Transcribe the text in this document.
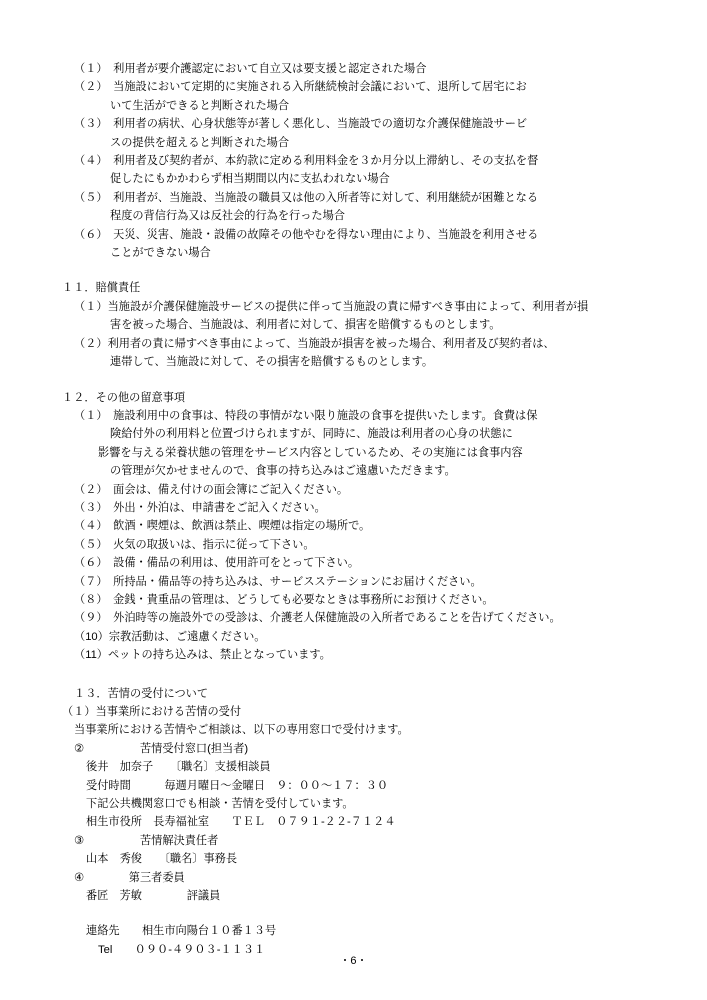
（１）　利用者が要介護認定において自立又は要支援と認定された場合
（２）　当施設において定期的に実施される入所継続検討会議において、退所して居宅にお
いて生活ができると判断された場合
（３）　利用者の病状、心身状態等が著しく悪化し、当施設での適切な介護保健施設サービ
スの提供を超えると判断された場合
（４）　利用者及び契約者が、本約款に定める利用料金を３か月分以上滞納し、その支払を督
促したにもかかわらず相当期間以内に支払われない場合
（５）　利用者が、当施設、当施設の職員又は他の入所者等に対して、利用継続が困難となる
程度の背信行為又は反社会的行為を行った場合
（６）　天災、災害、施設・設備の故障その他やむを得ない理由により、当施設を利用させる
ことができない場合
１１．賠償責任
（１）当施設が介護保健施設サービスの提供に伴って当施設の責に帰すべき事由によって、利用者が損
害を被った場合、当施設は、利用者に対して、損害を賠償するものとします。
（２）利用者の責に帰すべき事由によって、当施設が損害を被った場合、利用者及び契約者は、
連帯して、当施設に対して、その損害を賠償するものとします。
１２．その他の留意事項
（１）　施設利用中の食事は、特段の事情がない限り施設の食事を提供いたします。食費は保
険給付外の利用料と位置づけられますが、同時に、施設は利用者の心身の状態に
影響を与える栄養状態の管理をサービス内容としているため、その実施には食事内容
の管理が欠かせませんので、食事の持ち込みはご遠慮いただきます。
（２）　面会は、備え付けの面会簿にご記入ください。
（３）　外出・外泊は、申請書をご記入ください。
（４）　飲酒・喫煙は、飲酒は禁止、喫煙は指定の場所で。
（５）　火気の取扱いは、指示に従って下さい。
（６）　設備・備品の利用は、使用許可をとって下さい。
（７）　所持品・備品等の持ち込みは、サービスステーションにお届けください。
（８）　金銭・貴重品の管理は、どうしても必要なときは事務所にお預けください。
（９）　外泊時等の施設外での受診は、介護老人保健施設の入所者であることを告げてください。
（10）宗教活動は、ご遠慮ください。
（11）ペットの持ち込みは、禁止となっています。
１３．苦情の受付について
（１）当事業所における苦情の受付
当事業所における苦情やご相談は、以下の専用窓口で受付けます。
②　　　　　苦情受付窓口(担当者)
後井　加奈子　　〔職名〕支援相談員
受付時間　　　毎週月曜日～金曜日　９：００～１７：３０
下記公共機関窓口でも相談・苦情を受付しています。
相生市役所　長寿福祉室　　ＴＥＬ　０７９１-２２-７１２４
③　　　　　苦情解決責任者
山本　秀俊　　〔職名〕事務長
④　　　　第三者委員
番匠　芳敏　　　　評議員
連絡先　　相生市向陽台１０番１３号
Tel　　０９０-４９０３-１１３１
・6・
